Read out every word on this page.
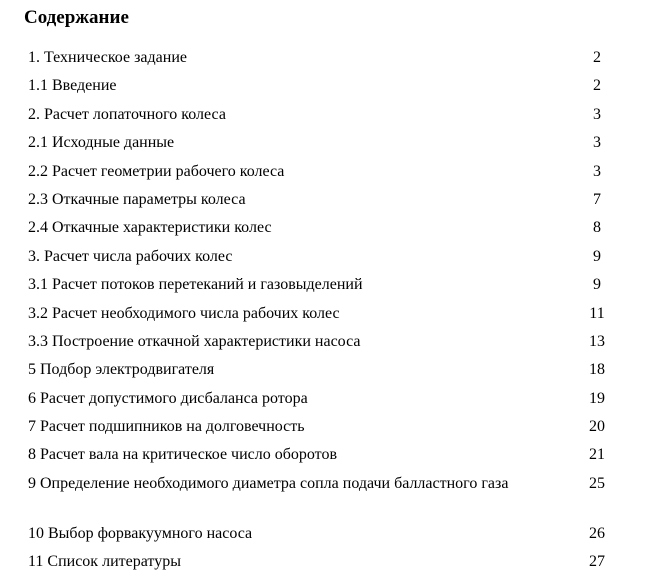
Содержание
1. Техническое задание	2
1.1 Введение	2
2. Расчет лопаточного колеса	3
2.1 Исходные данные	3
2.2 Расчет геометрии рабочего колеса	3
2.3 Откачные параметры колеса	7
2.4 Откачные характеристики колес	8
3. Расчет числа рабочих колес	9
3.1 Расчет потоков перетеканий и газовыделений	9
3.2 Расчет необходимого числа рабочих колес	11
3.3 Построение откачной характеристики насоса	13
5 Подбор электродвигателя	18
6 Расчет допустимого дисбаланса ротора	19
7 Расчет подшипников на долговечность	20
8 Расчет вала на критическое число оборотов	21
9 Определение необходимого диаметра сопла подачи балластного газа	25
10 Выбор форвакуумного насоса	26
11 Список литературы	27
